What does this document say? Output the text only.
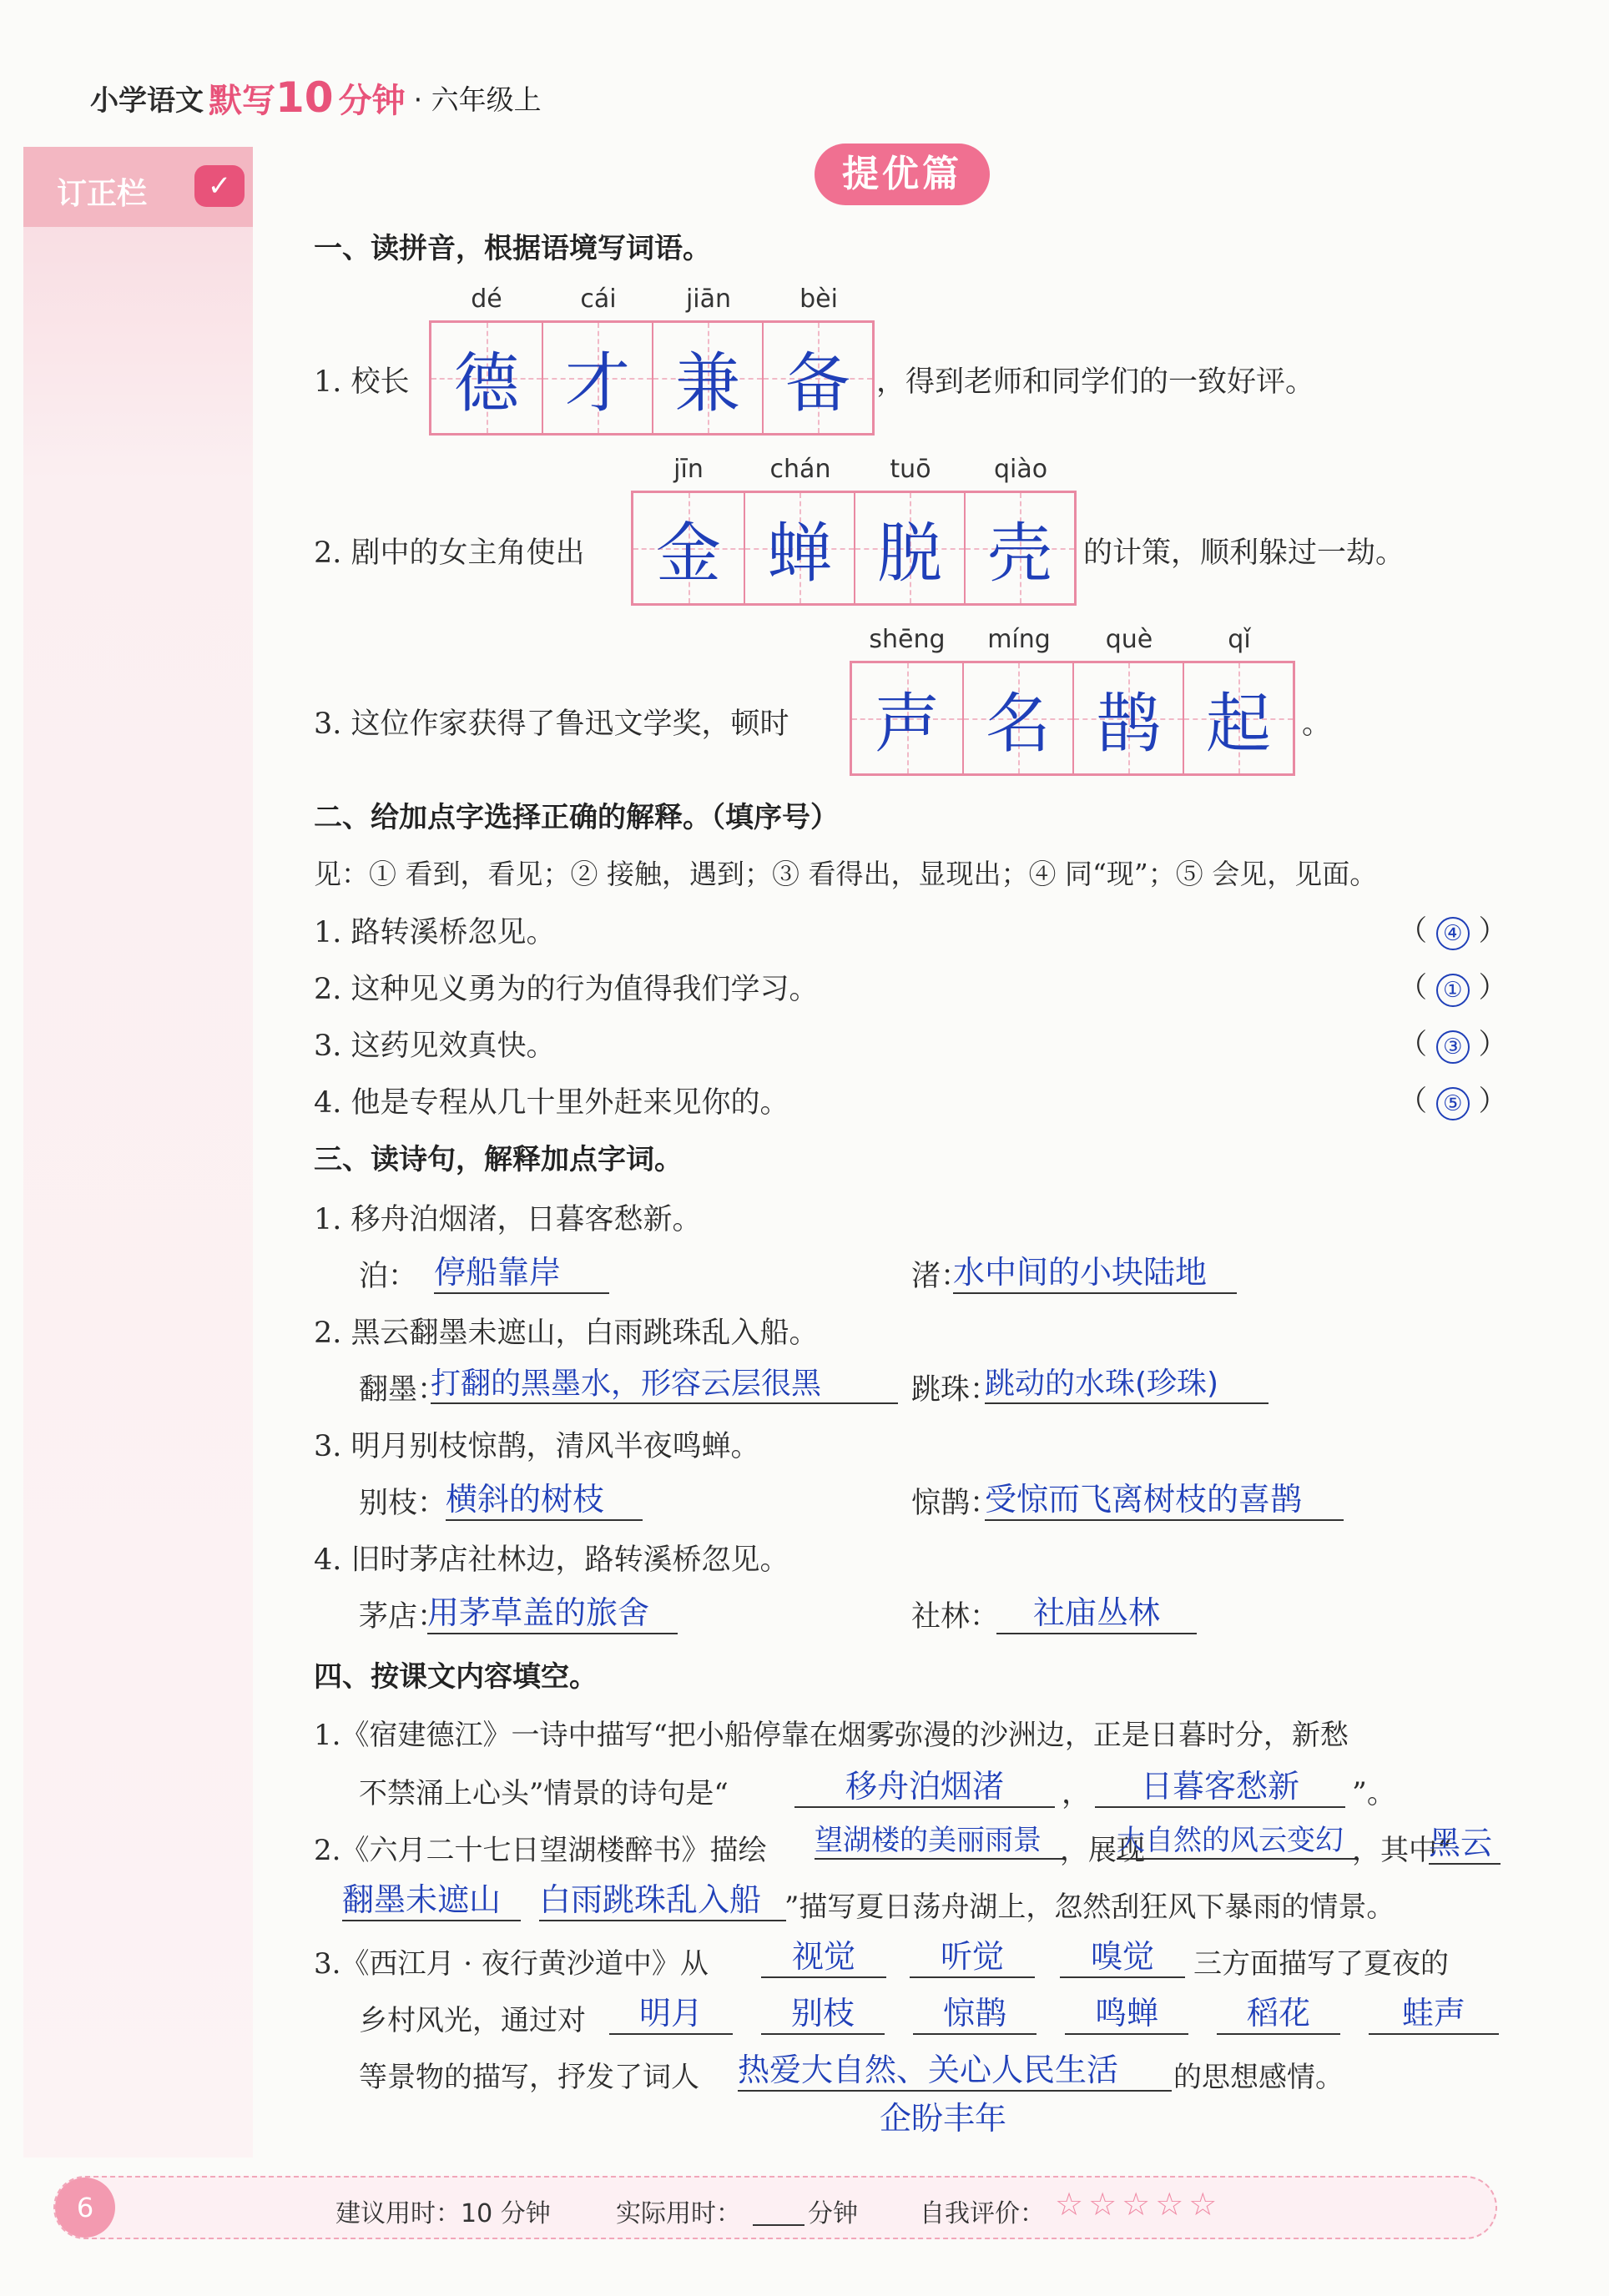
小学语文 默写 10 分钟 · 六年级上
订正栏	✓	提优篇
一、读拼音，根据语境写词语。
1. 校长
dé
德
cái
才
jiān
兼
bèi
备 ，得到老师和同学们的一致好评。
2. 剧中的女主角使出
jīn
金
chán
蝉
tuō
脱
qiào
壳 的计策，顺利躲过一劫。
3. 这位作家获得了鲁迅文学奖，顿时
shēng
声
míng
名
què
鹊
qǐ
起 。
二、给加点字选择正确的解释。（填序号）
见：① 看到，看见；② 接触，遇到；③ 看得出，显现出；④ 同“现”；⑤ 会见，见面。
1. 路转溪桥忽见。	（ ④ ）
2. 这种见义勇为的行为值得我们学习。	（ ① ）
3. 这药见效真快。	（ ③ ）
4. 他是专程从几十里外赶来见你的。	（ ⑤ ）
三、读诗句，解释加点字词。
1. 移舟泊烟渚，日暮客愁新。
泊： 停船靠岸	渚：
水中间的小块陆地
2. 黑云翻墨未遮山，白雨跳珠乱入船。
翻墨：
打翻的黑墨水，形容云层很黑	跳珠：
跳动的水珠(珍珠)
3. 明月别枝惊鹊，清风半夜鸣蝉。
别枝：
横斜的树枝	惊鹊：
受惊而飞离树枝的喜鹊
4. 旧时茅店社林边，路转溪桥忽见。
茅店：
用茅草盖的旅舍	社林：	社庙丛林
四、按课文内容填空。
1.《宿建德江》一诗中描写“把小船停靠在烟雾弥漫的沙洲边，正是日暮时分，新愁
不禁涌上心头”情景的诗句是“	移舟泊烟渚	，	日暮客愁新	”。
2.《六月二十七日望湖楼醉书》描绘 望湖楼的美丽雨景 ，展现
大自然的风云变幻 ，其中“
黑云
翻墨未遮山	白雨跳珠乱入船 ”描写夏日荡舟湖上，忽然刮狂风下暴雨的情景。
3.《西江月 · 夜行黄沙道中》从	视觉	听觉	嗅觉	三方面描写了夏夜的
乡村风光，通过对	明月	别枝	惊鹊	鸣蝉	稻花	蛙声
等景物的描写，抒发了词人 热爱大自然、关心人民生活	的思想感情。
企盼丰年
6	建议用时：10 分钟	实际用时：	分钟 自我评价： ☆☆☆☆☆
